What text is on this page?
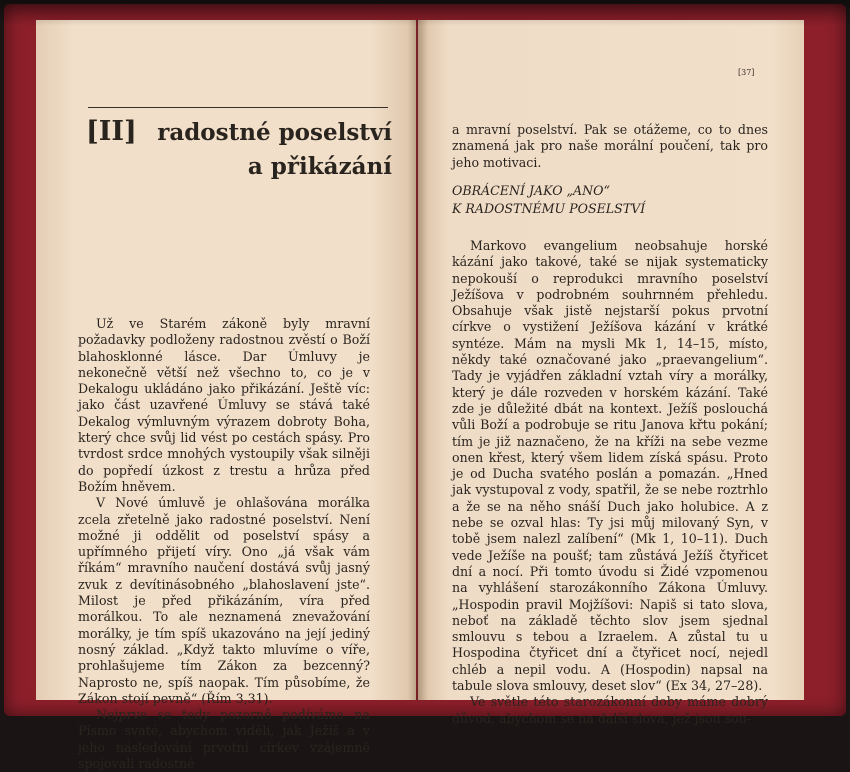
[II] radostné poselství
a přikázání

Už ve Starém zákoně byly mravní požadavky podloženy radostnou zvěstí o Boží blahosklonné lásce. Dar Úmluvy je nekonečně větší než všechno to, co je v Dekalogu ukládáno jako přikázání. Ještě víc: jako část uzavřené Úmluvy se stává také Dekalog výmluvným výrazem dobroty Boha, který chce svůj lid vést po cestách spásy. Pro tvrdost srdce mnohých vystoupily však silněji do popředí úzkost z trestu a hrůza před Božím hněvem.

V Nové úmluvě je ohlašována morálka zcela zřetelně jako radostné poselství. Není možné ji oddělit od poselství spásy a upřímného přijetí víry. Ono „já však vám říkám“ mravního naučení dostává svůj jasný zvuk z devítinásobného „blahoslavení jste“. Milost je před přikázáním, víra před morálkou. To ale neznamená znevažování morálky, je tím spíš ukazováno na její jediný nosný základ. „Když takto mluvíme o víře, prohlašujeme tím Zákon za bezcenný? Naprosto ne, spíš naopak. Tím působíme, že Zákon stojí pevně“ (Řím 3,31).

Nejprve se tedy pozorně podíváme na Písmo svaté, abychom viděli, jak Ježíš a v jeho následování prvotní církev vzájemně spojovali radostné

[37]

a mravní poselství. Pak se otážeme, co to dnes znamená jak pro naše morální poučení, tak pro jeho motivaci.

OBRÁCENÍ JAKO „ANO“
K RADOSTNÉMU POSELSTVÍ

Markovo evangelium neobsahuje horské kázání jako takové, také se nijak systematicky nepokouší o reprodukci mravního poselství Ježíšova v podrobném souhrnném přehledu. Obsahuje však jistě nejstarší pokus prvotní církve o vystižení Ježíšova kázání v krátké syntéze. Mám na mysli Mk 1, 14–15, místo, někdy také označované jako „praevangelium“. Tady je vyjádřen základní vztah víry a morálky, který je dále rozveden v horském kázání. Také zde je důležité dbát na kontext. Ježíš poslouchá vůli Boží a podrobuje se ritu Janova křtu pokání; tím je již naznačeno, že na kříži na sebe vezme onen křest, který všem lidem získá spásu. Proto je od Ducha svatého poslán a pomazán. „Hned jak vystupoval z vody, spatřil, že se nebe roztrhlo a že se na něho snáší Duch jako holubice. A z nebe se ozval hlas: Ty jsi můj milovaný Syn, v tobě jsem nalezl zalíbení“ (Mk 1, 10–11). Duch vede Ježíše na poušť; tam zůstává Ježíš čtyřicet dní a nocí. Při tomto úvodu si Židé vzpomenou na vyhlášení starozákonního Zákona Úmluvy. „Hospodin pravil Mojžíšovi: Napiš si tato slova, neboť na základě těchto slov jsem sjednal smlouvu s tebou a Izraelem. A zůstal tu u Hospodina čtyřicet dní a čtyřicet nocí, nejedl chléb a nepil vodu. A (Hospodin) napsal na tabule slova smlouvy, deset slov“ (Ex 34, 27–28).

Ve světle této starozákonní doby máme dobrý důvod, abychom se na další slova, jež jsou sou-
